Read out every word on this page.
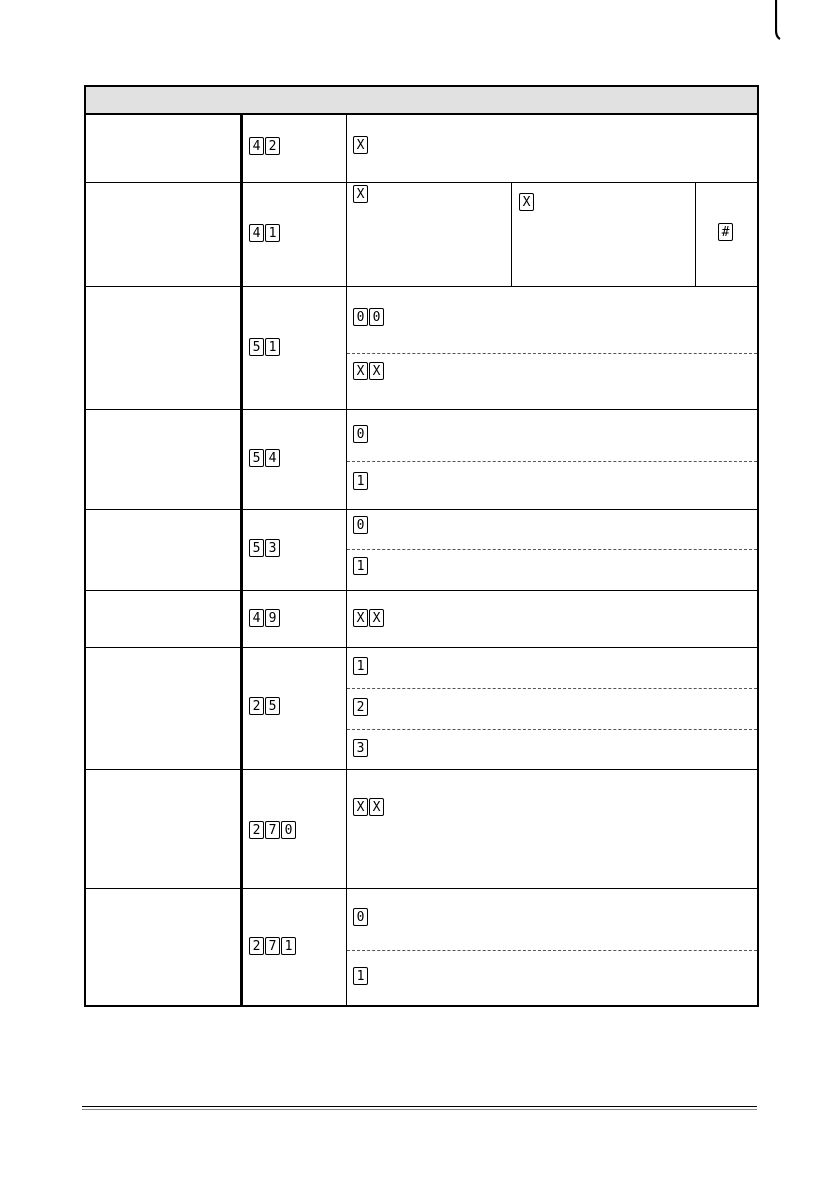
4 2	X
4 1
X
X
#
5 1
0 0
X X
5 4
0
1
5 3
0
1
4 9	X X
2 5
1
2
3
2 7 0
X X
2 7 1
0
1
